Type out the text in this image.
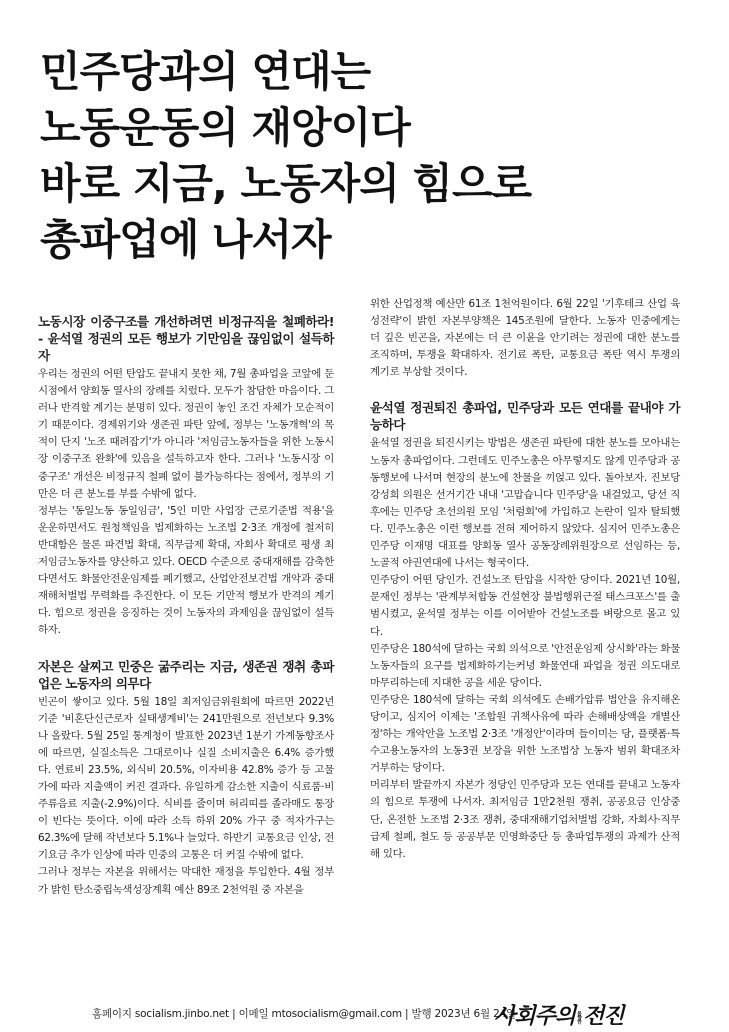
민주당과의 연대는
노동운동의 재앙이다
바로 지금, 노동자의 힘으로
총파업에 나서자
노동시장 이중구조를 개선하려면 비정규직을 철폐하라! - 윤석열 정권의 모든 행보가 기만임을 끊임없이 설득하자

우리는 정권의 어떤 탄압도 끝내지 못한 채, 7월 총파업을 코앞에 둔 시점에서 양회동 열사의 장례를 치렀다. 모두가 참담한 마음이다. 그러나 반격할 계기는 분명히 있다. 정권이 놓인 조건 자체가 모순적이기 때문이다. 경제위기와 생존권 파탄 앞에, 정부는 '노동개혁'의 목적이 단지 '노조 때려잡기'가 아니라 '저임금노동자들을 위한 노동시장 이중구조 완화'에 있음을 설득하고자 한다. 그러나 '노동시장 이중구조' 개선은 비정규직 철폐 없이 불가능하다는 점에서, 정부의 기만은 더 큰 분노를 부를 수밖에 없다.

정부는 '동일노동 동일임금', '5인 미만 사업장 근로기준법 적용'을 운운하면서도 원청책임을 법제화하는 노조법 2·3조 개정에 철저히 반대함은 물론 파견법 확대, 직무급제 확대, 자회사 확대로 평생 최저임금노동자를 양산하고 있다. OECD 수준으로 중대재해를 감축한다면서도 화물안전운임제를 폐기했고, 산업안전보건법 개악과 중대재해처벌법 무력화를 추진한다. 이 모든 기만적 행보가 반격의 계기다. 힘으로 정권을 응징하는 것이 노동자의 과제임을 끊임없이 설득하자.

자본은 살찌고 민중은 굶주리는 지금, 생존권 쟁취 총파업은 노동자의 의무다

빈곤이 쌓이고 있다. 5월 18일 최저임금위원회에 따르면 2022년 기준 '비혼단신근로자 실태생계비'는 241만원으로 전년보다 9.3% 나 올랐다. 5월 25일 통계청이 발표한 2023년 1분기 가계동향조사에 따르면, 실질소득은 그대로이나 실질 소비지출은 6.4% 증가했다. 연료비 23.5%, 외식비 20.5%, 이자비용 42.8% 증가 등 고물가에 따라 지출액이 커진 결과다. 유일하게 감소한 지출이 식료품·비주류음료 지출(-2.9%)이다. 식비를 줄이며 허리띠를 졸라매도 통장이 빈다는 뜻이다. 이에 따라 소득 하위 20% 가구 중 적자가구는 62.3%에 달해 작년보다 5.1%나 늘었다. 하반기 교통요금 인상, 전기요금 추가 인상에 따라 민중의 고통은 더 커질 수밖에 없다.

그러나 정부는 자본을 위해서는 막대한 재정을 투입한다. 4월 정부가 밝힌 탄소중립녹색성장계획 예산 89조 2천억원 중 자본을

위한 산업정책 예산만 61조 1천억원이다. 6월 22일 '기후테크 산업 육성전략'이 밝힌 자본부양책은 145조원에 달한다. 노동자 민중에게는 더 깊은 빈곤을, 자본에는 더 큰 이윤을 안기려는 정권에 대한 분노를 조직하며, 투쟁을 확대하자. 전기료 폭탄, 교통요금 폭탄 역시 투쟁의 계기로 부상할 것이다.

윤석열 정권퇴진 총파업, 민주당과 모든 연대를 끝내야 가능하다

윤석열 정권을 퇴진시키는 방법은 생존권 파탄에 대한 분노를 모아내는 노동자 총파업이다. 그런데도 민주노총은 아무렇지도 않게 민주당과 공동행보에 나서며 현장의 분노에 찬물을 끼얹고 있다. 돌아보자. 진보당 강성희 의원은 선거기간 내내 '고맙습니다 민주당'을 내걸었고, 당선 직후에는 민주당 초선의원 모임 '처럼회'에 가입하고 논란이 일자 탈퇴했다. 민주노총은 이런 행보를 전혀 제어하지 않았다. 심지어 민주노총은 민주당 이재명 대표를 양회동 열사 공동장례위원장으로 선임하는 등, 노골적 야권연대에 나서는 형국이다.

민주당이 어떤 당인가. 건설노조 탄압을 시작한 당이다. 2021년 10월, 문재인 정부는 '관계부처합동 건설현장 불법행위근절 태스크포스'를 출범시켰고, 윤석열 정부는 이를 이어받아 건설노조를 벼랑으로 몰고 있다.

민주당은 180석에 달하는 국회 의석으로 '안전운임제 상시화'라는 화물노동자들의 요구를 법제화하기는커녕 화물연대 파업을 정권 의도대로 마무리하는데 지대한 공을 세운 당이다.

민주당은 180석에 달하는 국회 의석에도 손배가압류 법안을 유지해온 당이고, 심지어 이제는 '조합원 귀책사유에 따라 손해배상액을 개별산정'하는 개악안을 노조법 2·3조 '개정안'이라며 들이미는 당, 플랫폼·특수고용노동자의 노동3권 보장을 위한 노조법상 노동자 범위 확대조차 거부하는 당이다.

머리부터 발끝까지 자본가 정당인 민주당과 모든 연대를 끝내고 노동자의 힘으로 투쟁에 나서자. 최저임금 1만2천원 쟁취, 공공요금 인상중단, 온전한 노조법 2·3조 쟁취, 중대재해기업처벌법 강화, 자회사·직무급제 철폐, 철도 등 공공부문 민영화중단 등 총파업투쟁의 과제가 산적해 있다.

홈페이지 socialism.jinbo.net | 이메일 mtosocialism@gmail.com | 발행 2023년 6월 24일
사회주의를향한전진
